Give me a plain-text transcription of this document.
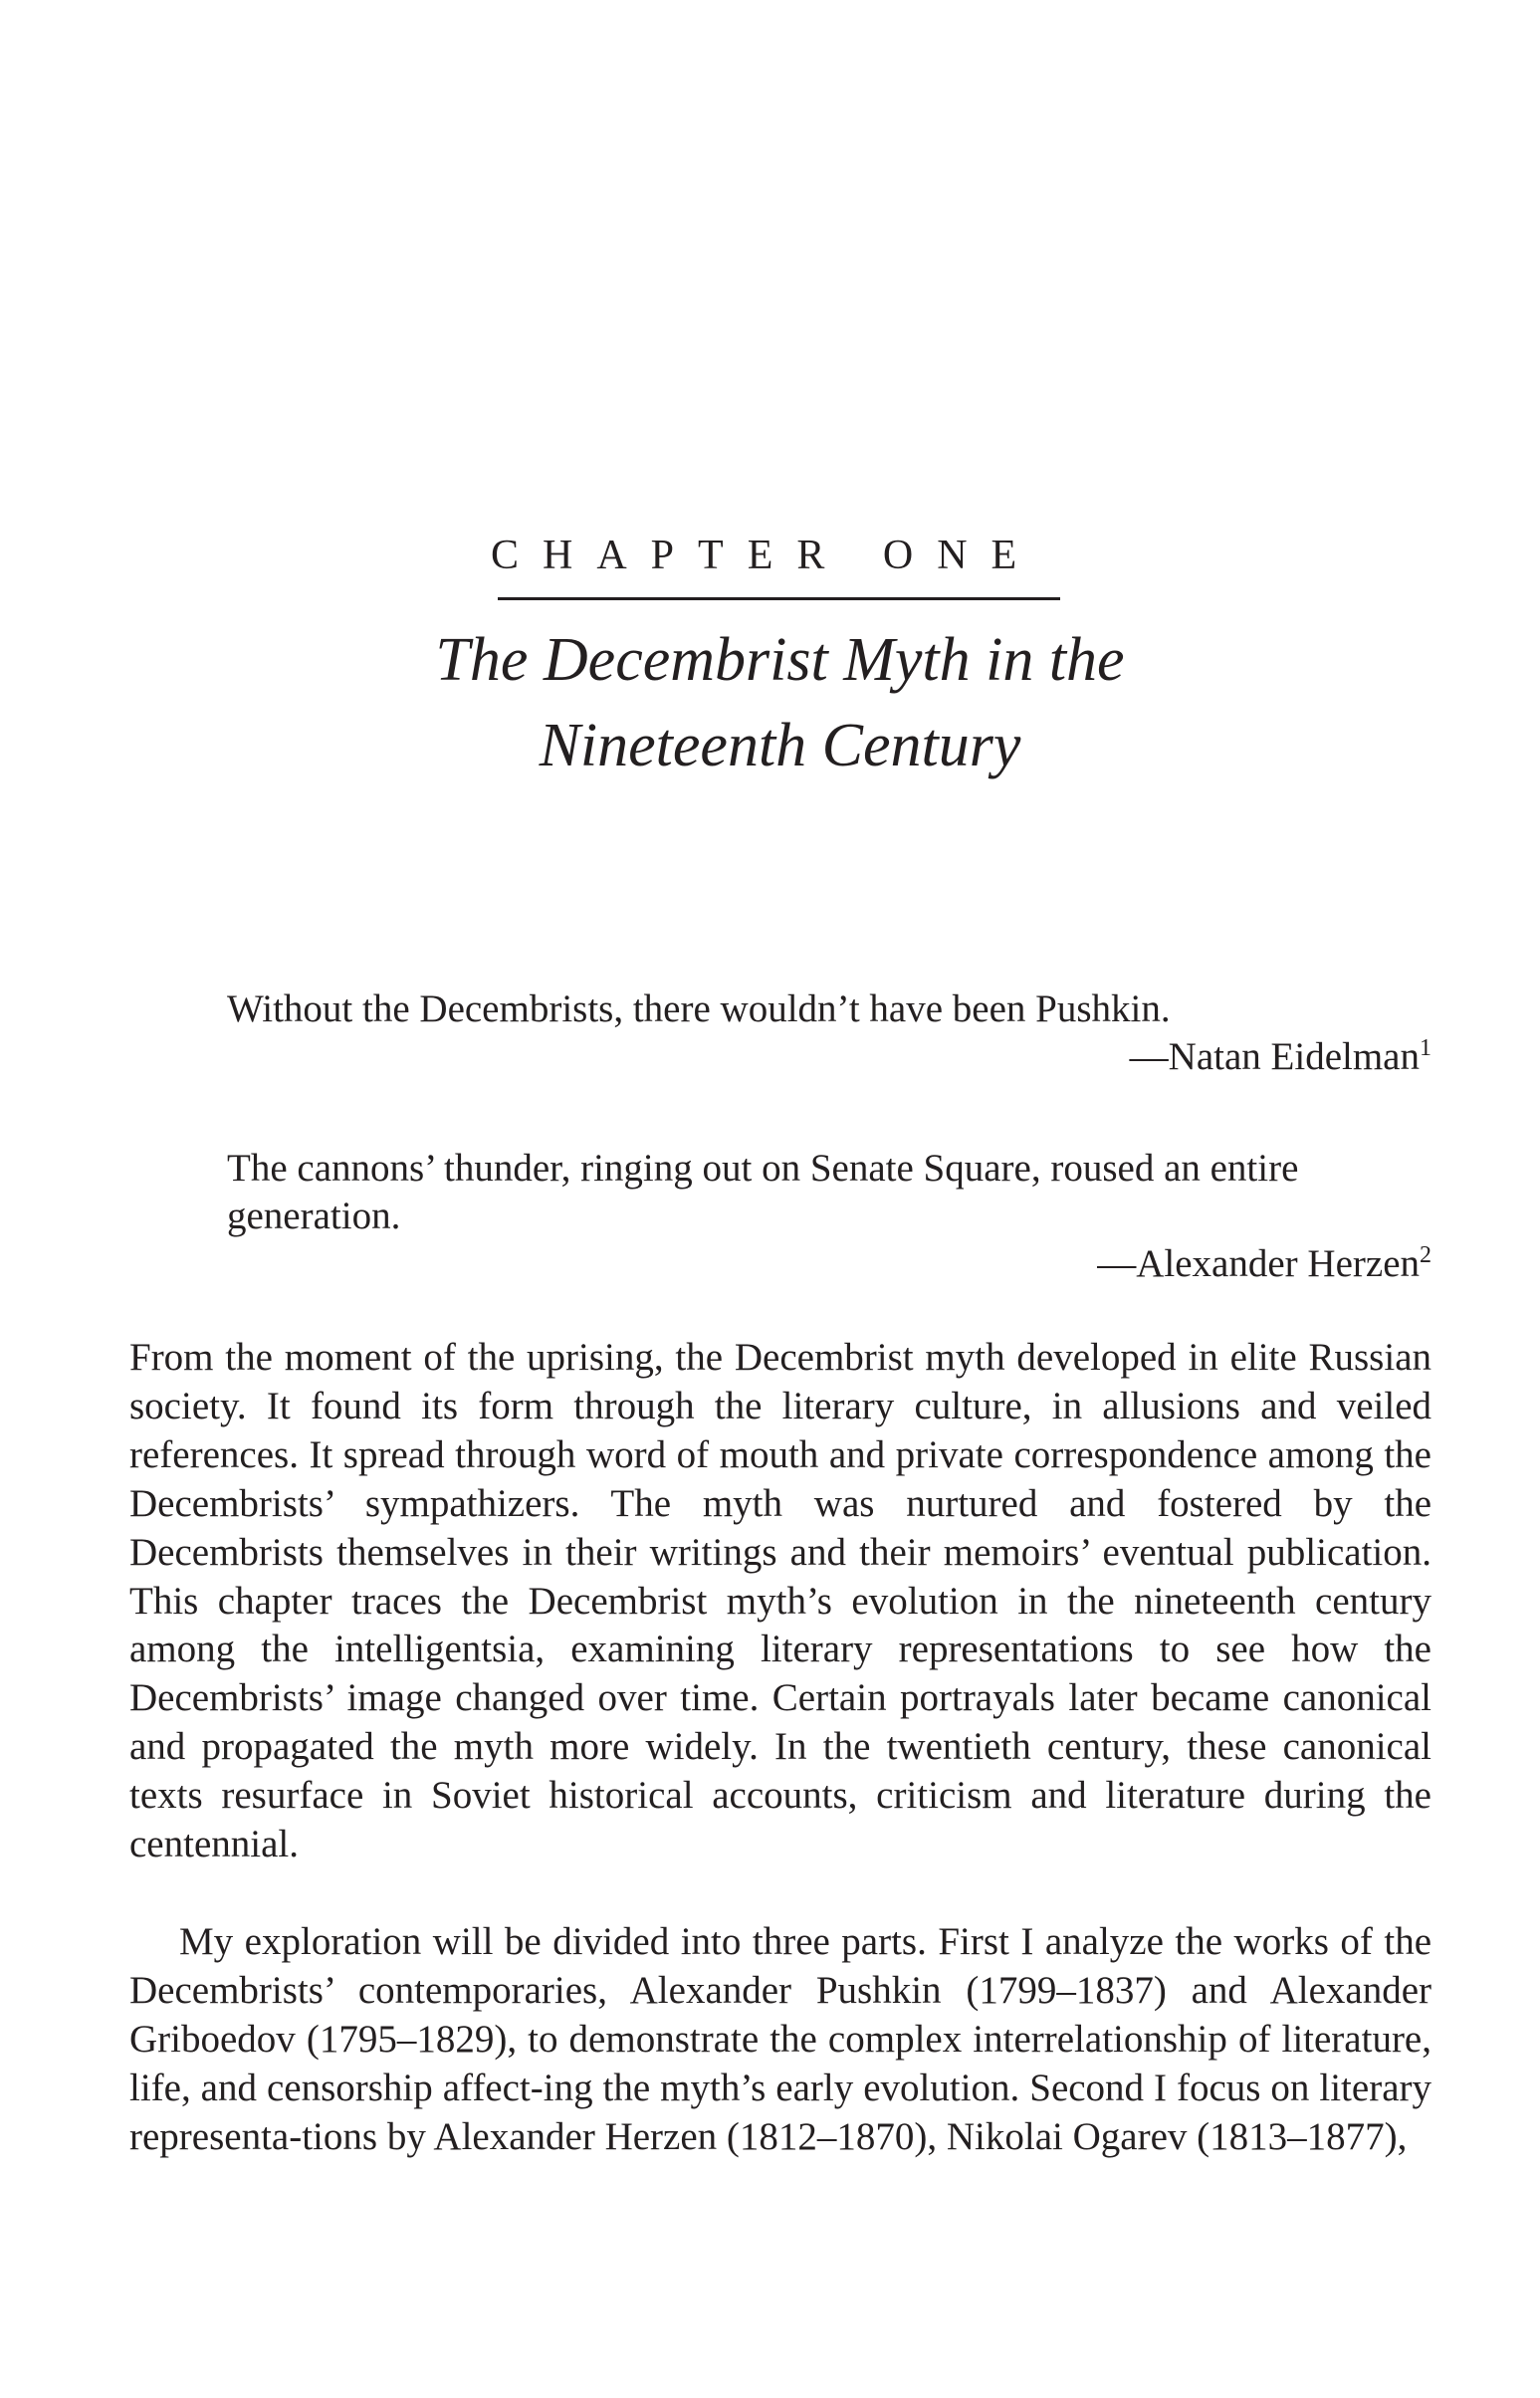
CHAPTER ONE
The Decembrist Myth in the
Nineteenth Century
Without the Decembrists, there wouldn’t have been Pushkin.
—Natan Eidelman$^1$
The cannons’ thunder, ringing out on Senate Square, roused an entire generation.
—Alexander Herzen$^2$

From the moment of the uprising, the Decembrist myth developed in elite Russian society. It found its form through the literary culture, in allusions and veiled references. It spread through word of mouth and private correspondence among the Decembrists’ sympathizers. The myth was nurtured and fostered by the Decembrists themselves in their writings and their memoirs’ eventual publication. This chapter traces the Decembrist myth’s evolution in the nineteenth century among the intelligentsia, examining literary representations to see how the Decembrists’ image changed over time. Certain portrayals later became canonical and propagated the myth more widely. In the twentieth century, these canonical texts resurface in Soviet historical accounts, criticism and literature during the centennial.

My exploration will be divided into three parts. First I analyze the works of the Decembrists’ contemporaries, Alexander Pushkin (1799–1837) and Alexander Griboedov (1795–1829), to demonstrate the complex interrelationship of literature, life, and censorship affect-ing the myth’s early evolution. Second I focus on literary representa-tions by Alexander Herzen (1812–1870), Nikolai Ogarev (1813–1877),
